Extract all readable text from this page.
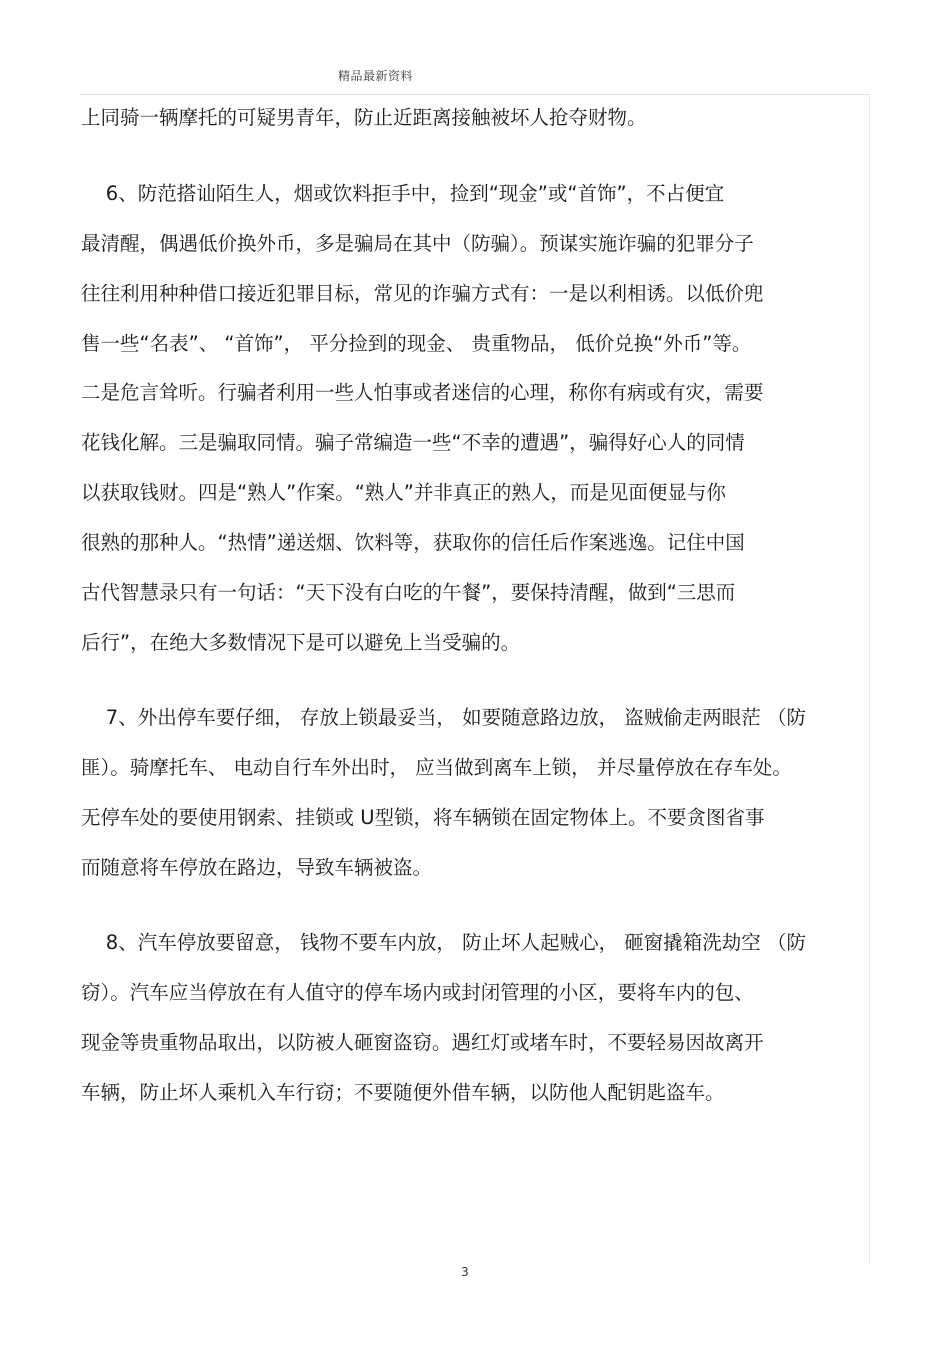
精品最新资料
上同骑一辆摩托的可疑男青年，防止近距离接触被坏人抢夺财物。
6、防范搭讪陌生人，烟或饮料拒手中，捡到“现金”或“首饰”，不占便宜
最清醒，偶遇低价换外币，多是骗局在其中（防骗）。预谋实施诈骗的犯罪分子
往往利用种种借口接近犯罪目标，常见的诈骗方式有：一是以利相诱。以低价兜
售一些“名表”、 “首饰”， 平分捡到的现金、 贵重物品， 低价兑换“外币”等。
二是危言耸听。行骗者利用一些人怕事或者迷信的心理，称你有病或有灾，需要
花钱化解。三是骗取同情。骗子常编造一些“不幸的遭遇”，骗得好心人的同情
以获取钱财。四是“熟人”作案。“熟人”并非真正的熟人，而是见面便显与你
很熟的那种人。“热情”递送烟、饮料等，获取你的信任后作案逃逸。记住中国
古代智慧录只有一句话：“天下没有白吃的午餐”，要保持清醒，做到“三思而
后行”，在绝大多数情况下是可以避免上当受骗的。
7、外出停车要仔细， 存放上锁最妥当， 如要随意路边放， 盗贼偷走两眼茫 （防
匪）。骑摩托车、 电动自行车外出时， 应当做到离车上锁， 并尽量停放在存车处。
无停车处的要使用钢索、挂锁或 U型锁，将车辆锁在固定物体上。不要贪图省事
而随意将车停放在路边，导致车辆被盗。
8、汽车停放要留意， 钱物不要车内放， 防止坏人起贼心， 砸窗撬箱洗劫空 （防
窃）。汽车应当停放在有人值守的停车场内或封闭管理的小区，要将车内的包、
现金等贵重物品取出，以防被人砸窗盗窃。遇红灯或堵车时，不要轻易因故离开
车辆，防止坏人乘机入车行窃；不要随便外借车辆，以防他人配钥匙盗车。
3
